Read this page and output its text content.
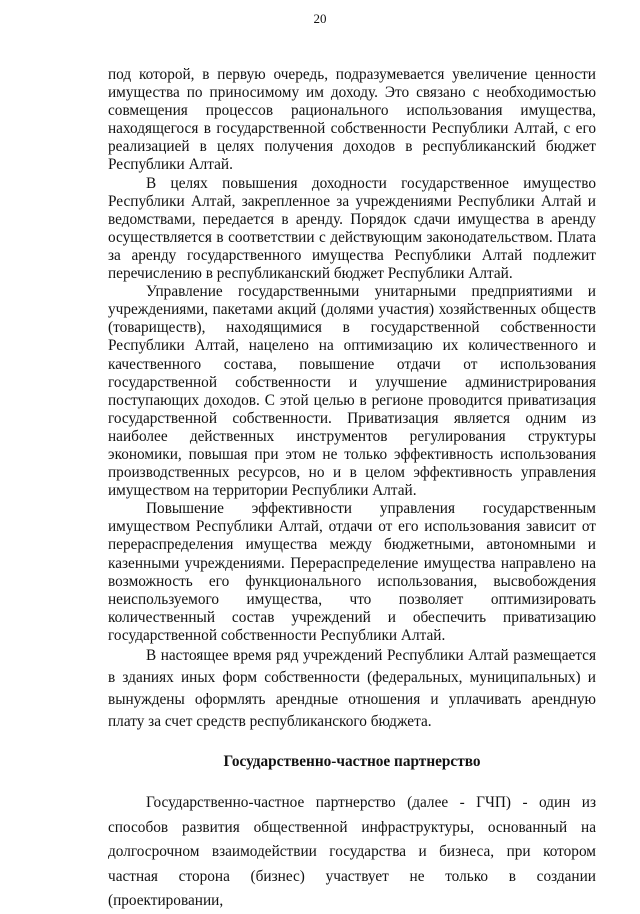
20

под которой, в первую очередь, подразумевается увеличение ценности имущества по приносимому им доходу. Это связано с необходимостью совмещения процессов рационального использования имущества, находящегося в государственной собственности Республики Алтай, с его реализацией в целях получения доходов в республиканский бюджет Республики Алтай.

В целях повышения доходности государственное имущество Республики Алтай, закрепленное за учреждениями Республики Алтай и ведомствами, передается в аренду. Порядок сдачи имущества в аренду осуществляется в соответствии с действующим законодательством. Плата за аренду государственного имущества Республики Алтай подлежит перечислению в республиканский бюджет Республики Алтай.

Управление государственными унитарными предприятиями и учреждениями, пакетами акций (долями участия) хозяйственных обществ (товариществ), находящимися в государственной собственности Республики Алтай, нацелено на оптимизацию их количественного и качественного состава, повышение отдачи от использования государственной собственности и улучшение администрирования поступающих доходов. С этой целью в регионе проводится приватизация государственной собственности. Приватизация является одним из наиболее действенных инструментов регулирования структуры экономики, повышая при этом не только эффективность использования производственных ресурсов, но и в целом эффективность управления имуществом на территории Республики Алтай.

Повышение эффективности управления государственным имуществом Республики Алтай, отдачи от его использования зависит от перераспределения имущества между бюджетными, автономными и казенными учреждениями. Перераспределение имущества направлено на возможность его функционального использования, высвобождения неиспользуемого имущества, что позволяет оптимизировать количественный состав учреждений и обеспечить приватизацию государственной собственности Республики Алтай.

В настоящее время ряд учреждений Республики Алтай размещается в зданиях иных форм собственности (федеральных, муниципальных) и вынуждены оформлять арендные отношения и уплачивать арендную плату за счет средств республиканского бюджета.

Государственно-частное партнерство

Государственно-частное партнерство (далее - ГЧП) - один из способов развития общественной инфраструктуры, основанный на долгосрочном взаимодействии государства и бизнеса, при котором частная сторона (бизнес) участвует не только в создании (проектировании,
